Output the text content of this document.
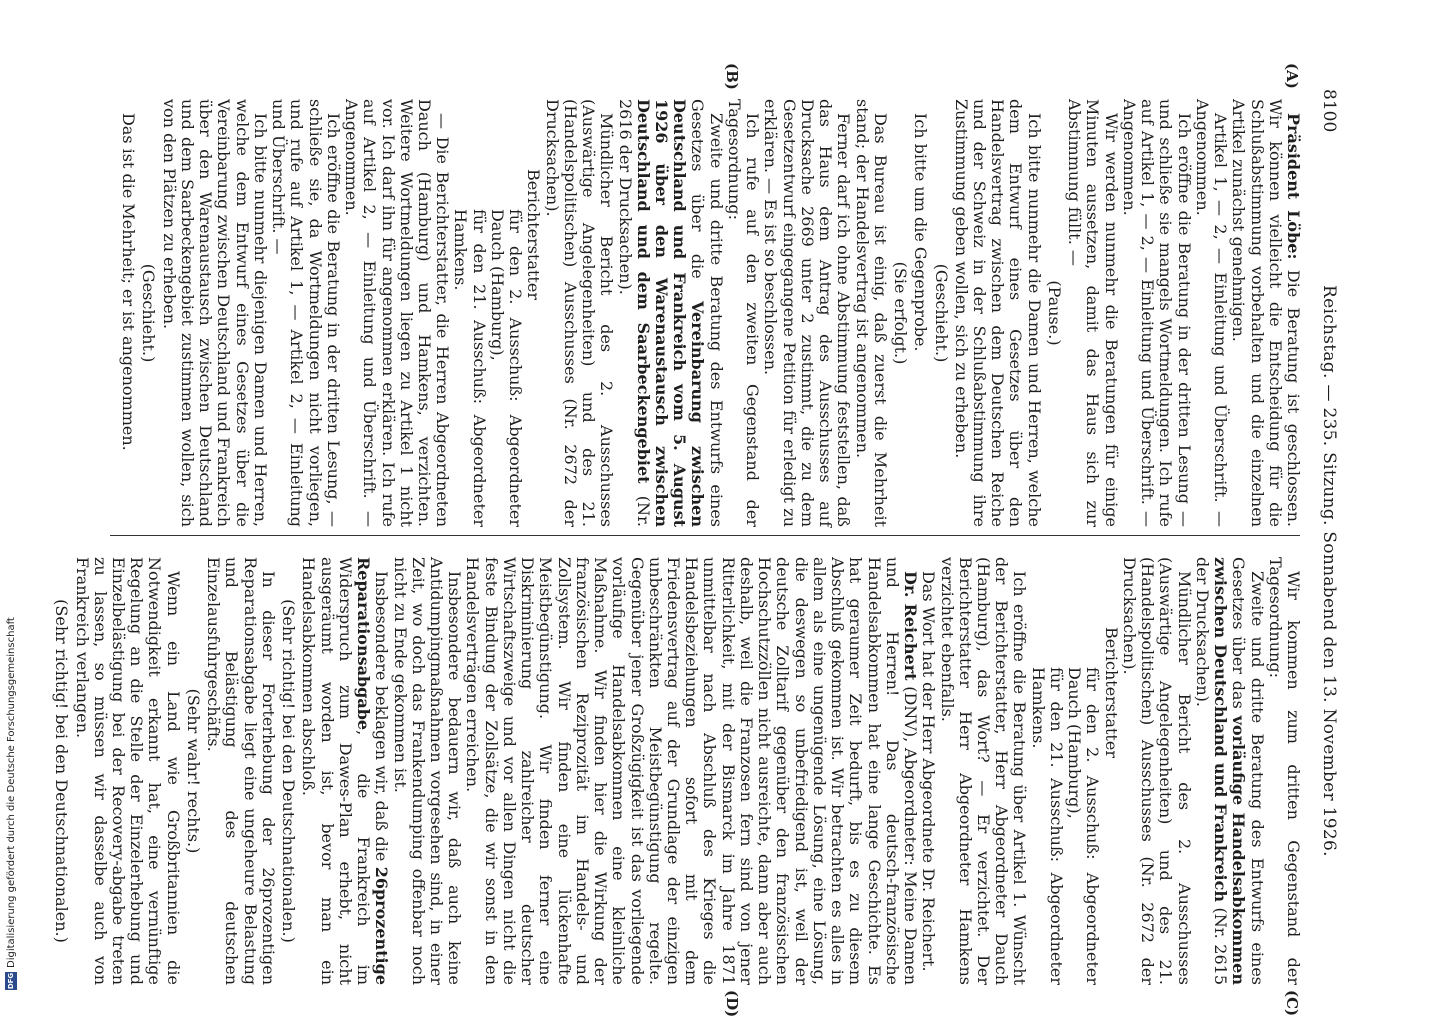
8100
Reichstag. — 235. Sitzung. Sonnabend den 13. November 1926.
(A)
(B)
(C)
(D)

Präsident Löbe: Die Beratung ist geschlossen. Wir können vielleicht die Entscheidung für die Schlußabstimmung vorbehalten und die einzelnen Artikel zunächst genehmigen.

Artikel 1, — 2, — Einleitung und Überschrift. — Angenommen.

Ich eröffne die Beratung in der dritten Lesung — und schließe sie mangels Wortmeldungen. Ich rufe auf Artikel 1, — 2, — Einleitung und Überschrift. — Angenommen.

Wir werden nunmehr die Beratungen für einige Minuten aussetzen, damit das Haus sich zur Abstimmung füllt. —

(Pause.)

Ich bitte nunmehr die Damen und Herren, welche dem Entwurf eines Gesetzes über den Handelsvertrag zwischen dem Deutschen Reiche und der Schweiz in der Schlußabstimmung ihre Zustimmung geben wollen, sich zu erheben.

(Geschieht.)

Ich bitte um die Gegenprobe.

(Sie erfolgt.)

Das Bureau ist einig, daß zuerst die Mehrheit stand; der Handelsvertrag ist angenommen.

Ferner darf ich ohne Abstimmung feststellen, daß das Haus dem Antrag des Ausschusses auf Drucksache 2669 unter 2 zustimmt, die zu dem Gesetzentwurf eingegangene Petition für erledigt zu erklären. — Es ist so beschlossen.

Ich rufe auf den zweiten Gegenstand der Tagesordnung:

Zweite und dritte Beratung des Entwurfs eines Gesetzes über die Vereinbarung zwischen Deutschland und Frankreich vom 5. August 1926 über den Warenaustausch zwischen Deutschland und dem Saarbeckengebiet (Nr. 2616 der Drucksachen).

Mündlicher Bericht des 2. Ausschusses (Auswärtige Angelegenheiten) und des 21. (Handelspolitischen) Ausschusses (Nr. 2672 der Drucksachen).

Berichterstatter

für den 2. Ausschuß: Abgeordneter Dauch (Hamburg),

für den 21. Ausschuß: Abgeordneter Hamkens.

— Die Berichterstatter, die Herren Abgeordneten Dauch (Hamburg) und Hamkens, verzichten. Weitere Wortmeldungen liegen zu Artikel 1 nicht vor. Ich darf ihn für angenommen erklären. Ich rufe auf Artikel 2, — Einleitung und Überschrift. — Angenommen.

Ich eröffne die Beratung in der dritten Lesung, — schließe sie, da Wortmeldungen nicht vorliegen, und rufe auf Artikel 1, — Artikel 2, — Einleitung und Überschrift. —

Ich bitte nunmehr diejenigen Damen und Herren, welche dem Entwurf eines Gesetzes über die Vereinbarung zwischen Deutschland und Frankreich über den Warenaustausch zwischen Deutschland und dem Saarbeckengebiet zustimmen wollen, sich von den Plätzen zu erheben.

(Geschieht.)

Das ist die Mehrheit; er ist angenommen.

Wir kommen zum dritten Gegenstand der Tagesordnung:

Zweite und dritte Beratung des Entwurfs eines Gesetzes über das vorläufige Handelsabkommen zwischen Deutschland und Frankreich (Nr. 2615 der Drucksachen).

Mündlicher Bericht des 2. Ausschusses (Auswärtige Angelegenheiten) und des 21. (Handelspolitischen) Ausschusses (Nr. 2672 der Drucksachen).

Berichterstatter

für den 2. Ausschuß: Abgeordneter Dauch (Hamburg),

für den 21. Ausschuß: Abgeordneter Hamkens.

Ich eröffne die Beratung über Artikel 1. Wünscht der Berichterstatter, Herr Abgeordneter Dauch (Hamburg), das Wort? — Er verzichtet. Der Berichterstatter Herr Abgeordneter Hamkens verzichtet ebenfalls.

Das Wort hat der Herr Abgeordnete Dr. Reichert.

Dr. Reichert (DNV), Abgeordneter: Meine Damen und Herren! Das deutsch-französische Handelsabkommen hat eine lange Geschichte. Es hat geraumer Zeit bedurft, bis es zu diesem Abschluß gekommen ist. Wir betrachten es alles in allem als eine ungenügende Lösung, eine Lösung, die deswegen so unbefriedigend ist, weil der deutsche Zolltarif gegenüber den französischen Hochschutzzöllen nicht ausreichte, dann aber auch deshalb, weil die Franzosen fern sind von jener Ritterlichkeit, mit der Bismarck im Jahre 1871 unmittelbar nach Abschluß des Krieges die Handelsbeziehungen sofort mit dem Friedensvertrag auf der Grundlage der einzigen unbeschränkten Meistbegünstigung regelte. Gegenüber jener Großzügigkeit ist das vorliegende vorläufige Handelsabkommen eine kleinliche Maßnahme. Wir finden hier die Wirkung der französischen Reziprozität im Handels- und Zollsystem. Wir finden eine lückenhafte Meistbegünstigung. Wir finden ferner eine Diskriminierung zahlreicher deutscher Wirtschaftszweige und vor allen Dingen nicht die feste Bindung der Zollsätze, die wir sonst in den Handelsverträgen erreichen.

Insbesondere bedauern wir, daß auch keine Antidumpingmaßnahmen vorgesehen sind, in einer Zeit, wo doch das Frankendumping offenbar noch nicht zu Ende gekommen ist.

Insbesondere beklagen wir, daß die 26prozentige Reparationsabgabe, die Frankreich im Widerspruch zum Dawes-Plan erhebt, nicht ausgeräumt worden ist, bevor man ein Handelsabkommen abschloß.

(Sehr richtig! bei den Deutschnationalen.)

In dieser Forterhebung der 26prozentigen Reparationsabgabe liegt eine ungeheure Belastung und Belästigung des deutschen Einzelausfuhrgeschäfts.

(Sehr wahr! rechts.)

Wenn ein Land wie Großbritannien die Notwendigkeit erkannt hat, eine vernünftige Regelung an die Stelle der Einzelerhebung und Einzelbelästigung bei der Recovery-abgabe treten zu lassen, so müssen wir dasselbe auch von Frankreich verlangen.

(Sehr richtig! bei den Deutschnationalen.)

DFGDigitalisierung gefördert durch die Deutsche Forschungsgemeinschaft
